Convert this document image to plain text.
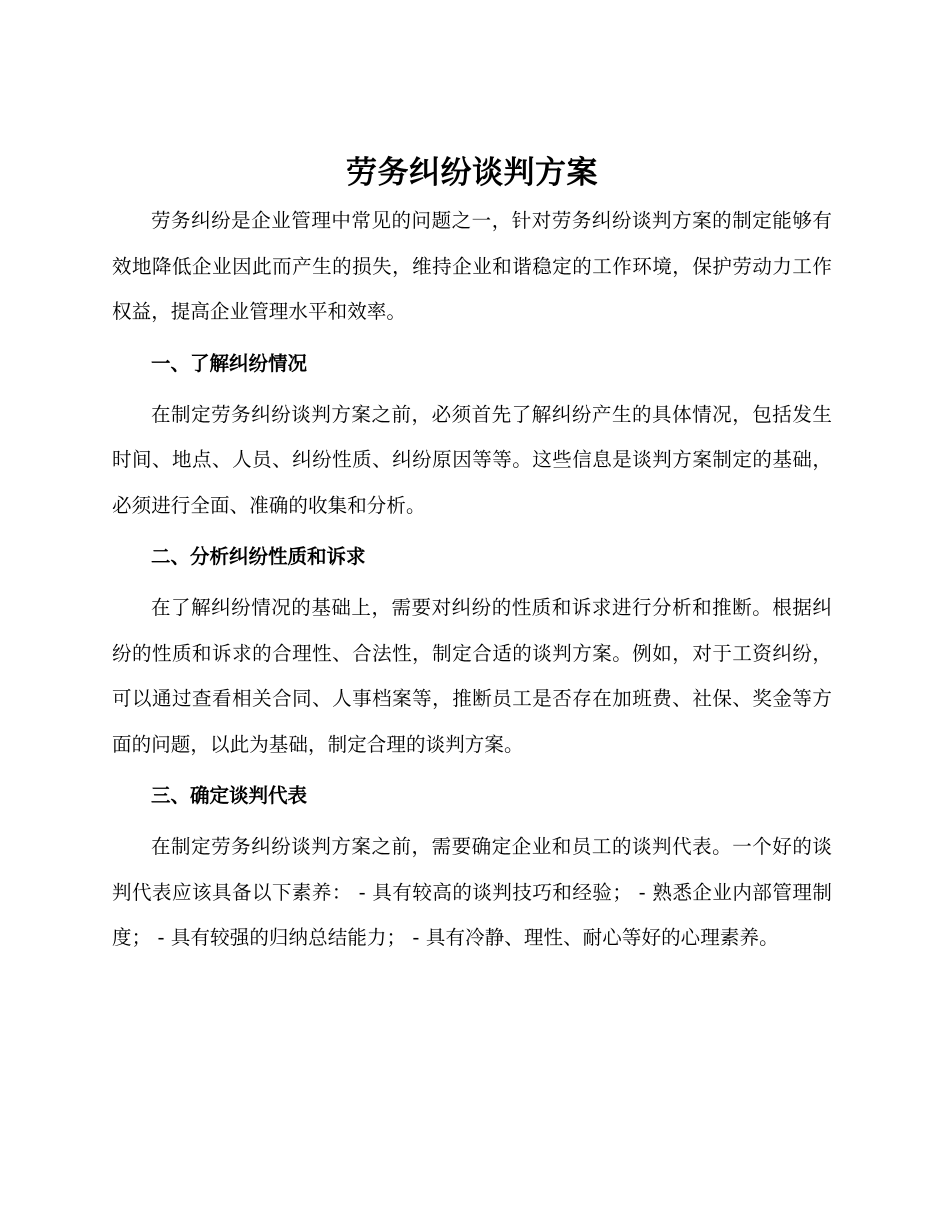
劳务纠纷谈判方案

劳务纠纷是企业管理中常见的问题之一，针对劳务纠纷谈判方案的制定能够有效地降低企业因此而产生的损失，维持企业和谐稳定的工作环境，保护劳动力工作权益，提高企业管理水平和效率。

一、了解纠纷情况

在制定劳务纠纷谈判方案之前，必须首先了解纠纷产生的具体情况，包括发生时间、地点、人员、纠纷性质、纠纷原因等等。这些信息是谈判方案制定的基础，必须进行全面、准确的收集和分析。

二、分析纠纷性质和诉求

在了解纠纷情况的基础上，需要对纠纷的性质和诉求进行分析和推断。根据纠纷的性质和诉求的合理性、合法性，制定合适的谈判方案。例如，对于工资纠纷，可以通过查看相关合同、人事档案等，推断员工是否存在加班费、社保、奖金等方面的问题，以此为基础，制定合理的谈判方案。

三、确定谈判代表

在制定劳务纠纷谈判方案之前，需要确定企业和员工的谈判代表。一个好的谈判代表应该具备以下素养： - 具有较高的谈判技巧和经验； - 熟悉企业内部管理制度； - 具有较强的归纳总结能力； - 具有冷静、理性、耐心等好的心理素养。
